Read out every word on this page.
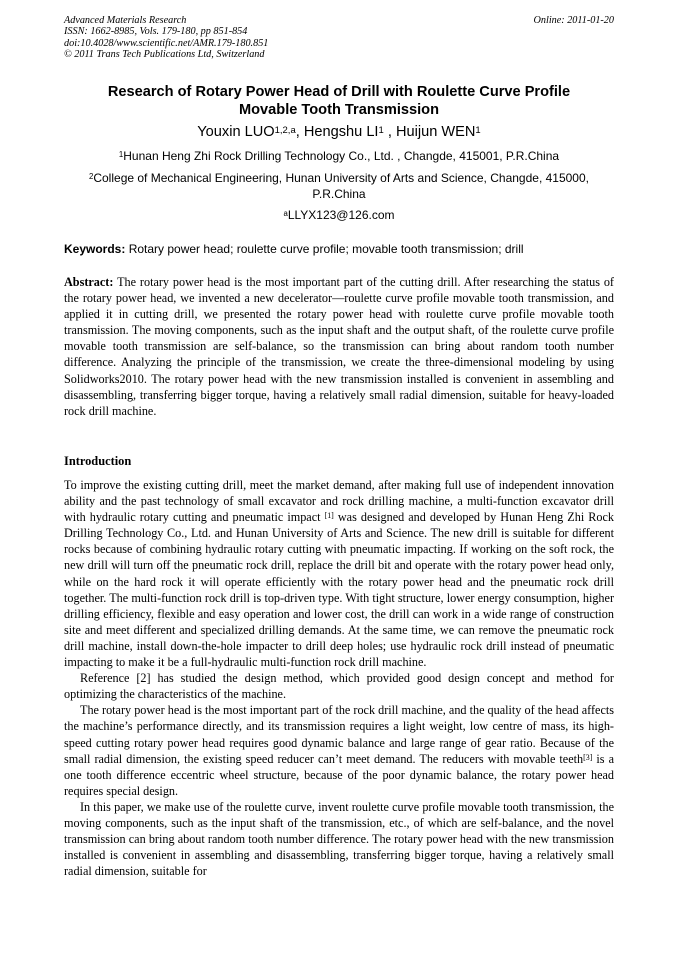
Advanced Materials Research
ISSN: 1662-8985, Vols. 179-180, pp 851-854
doi:10.4028/www.scientific.net/AMR.179-180.851
© 2011 Trans Tech Publications Ltd, Switzerland
Online: 2011-01-20
Research of Rotary Power Head of Drill with Roulette Curve Profile
Movable Tooth Transmission
Youxin LUO$^{1,2,a}$, Hengshu $LI^1$ , Huijun WEN$^1$
$^1$Hunan Heng Zhi Rock Drilling Technology Co., Ltd. , Changde, 415001, P.R.China
$^2$College of Mechanical Engineering, Hunan University of Arts and Science, Changde, 415000,
P.R.China
$^a$LLYX123@126.com
Keywords: Rotary power head; roulette curve profile; movable tooth transmission; drill
Abstract: The rotary power head is the most important part of the cutting drill. After researching the status of the rotary power head, we invented a new decelerator—roulette curve profile movable tooth transmission, and applied it in cutting drill, we presented the rotary power head with roulette curve profile movable tooth transmission. The moving components, such as the input shaft and the output shaft, of the roulette curve profile movable tooth transmission are self-balance, so the transmission can bring about random tooth number difference. Analyzing the principle of the transmission, we create the three-dimensional modeling by using Solidworks2010. The rotary power head with the new transmission installed is convenient in assembling and disassembling, transferring bigger torque, having a relatively small radial dimension, suitable for heavy-loaded rock drill machine.
Introduction

To improve the existing cutting drill, meet the market demand, after making full use of independent innovation ability and the past technology of small excavator and rock drilling machine, a multi-function excavator drill with hydraulic rotary cutting and pneumatic impact [1] was designed and developed by Hunan Heng Zhi Rock Drilling Technology Co., Ltd. and Hunan University of Arts and Science. The new drill is suitable for different rocks because of combining hydraulic rotary cutting with pneumatic impacting. If working on the soft rock, the new drill will turn off the pneumatic rock drill, replace the drill bit and operate with the rotary power head only, while on the hard rock it will operate efficiently with the rotary power head and the pneumatic rock drill together. The multi-function rock drill is top-driven type. With tight structure, lower energy consumption, higher drilling efficiency, flexible and easy operation and lower cost, the drill can work in a wide range of construction site and meet different and specialized drilling demands. At the same time, we can remove the pneumatic rock drill machine, install down-the-hole impacter to drill deep holes; use hydraulic rock drill instead of pneumatic impacting to make it be a full-hydraulic multi-function rock drill machine.

Reference [2] has studied the design method, which provided good design concept and method for optimizing the characteristics of the machine.

The rotary power head is the most important part of the rock drill machine, and the quality of the head affects the machine’s performance directly, and its transmission requires a light weight, low centre of mass, its high-speed cutting rotary power head requires good dynamic balance and large range of gear ratio. Because of the small radial dimension, the existing speed reducer can’t meet demand. The reducers with movable teeth[3] is a one tooth difference eccentric wheel structure, because of the poor dynamic balance, the rotary power head requires special design.

In this paper, we make use of the roulette curve, invent roulette curve profile movable tooth transmission, the moving components, such as the input shaft of the transmission, etc., of which are self-balance, and the novel transmission can bring about random tooth number difference. The rotary power head with the new transmission installed is convenient in assembling and disassembling, transferring bigger torque, having a relatively small radial dimension, suitable for
